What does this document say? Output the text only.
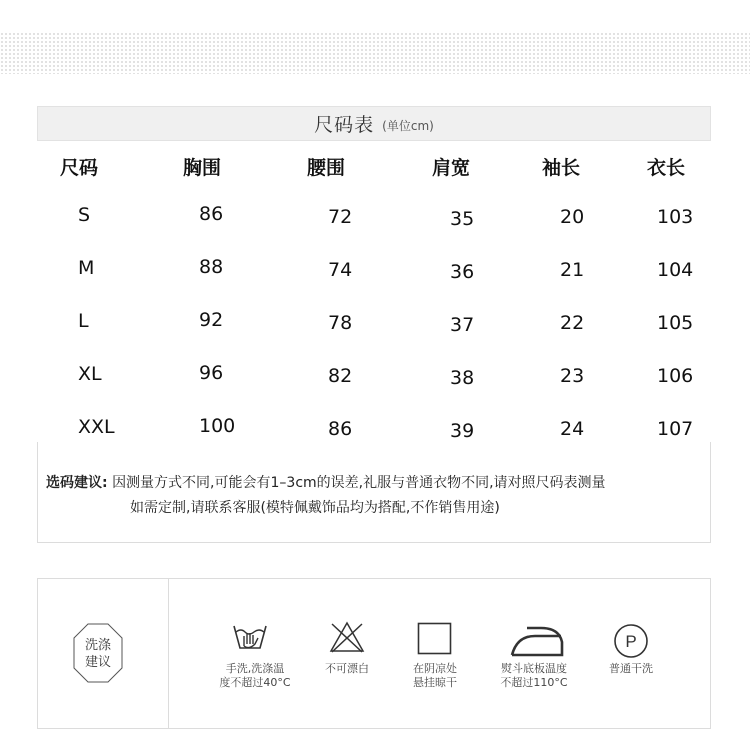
尺码表 (单位cm)
尺码	胸围	腰围	肩宽	袖长	衣长
S	86	72	35	20	103
M	88	74	36	21	104
L	92	78	37	22	105
XL	96	82	38	23	106
XXL	100	86	39	24	107
选码建议: 因测量方式不同,可能会有1–3cm的误差,礼服与普通衣物不同,请对照尺码表测量
如需定制,请联系客服(模特佩戴饰品均为搭配,不作销售用途)
洗涤
建议	手洗,洗涤温
度不超过40°C
不可漂白	在阴凉处
悬挂晾干
熨斗底板温度
不超过110°C
P
普通干洗
